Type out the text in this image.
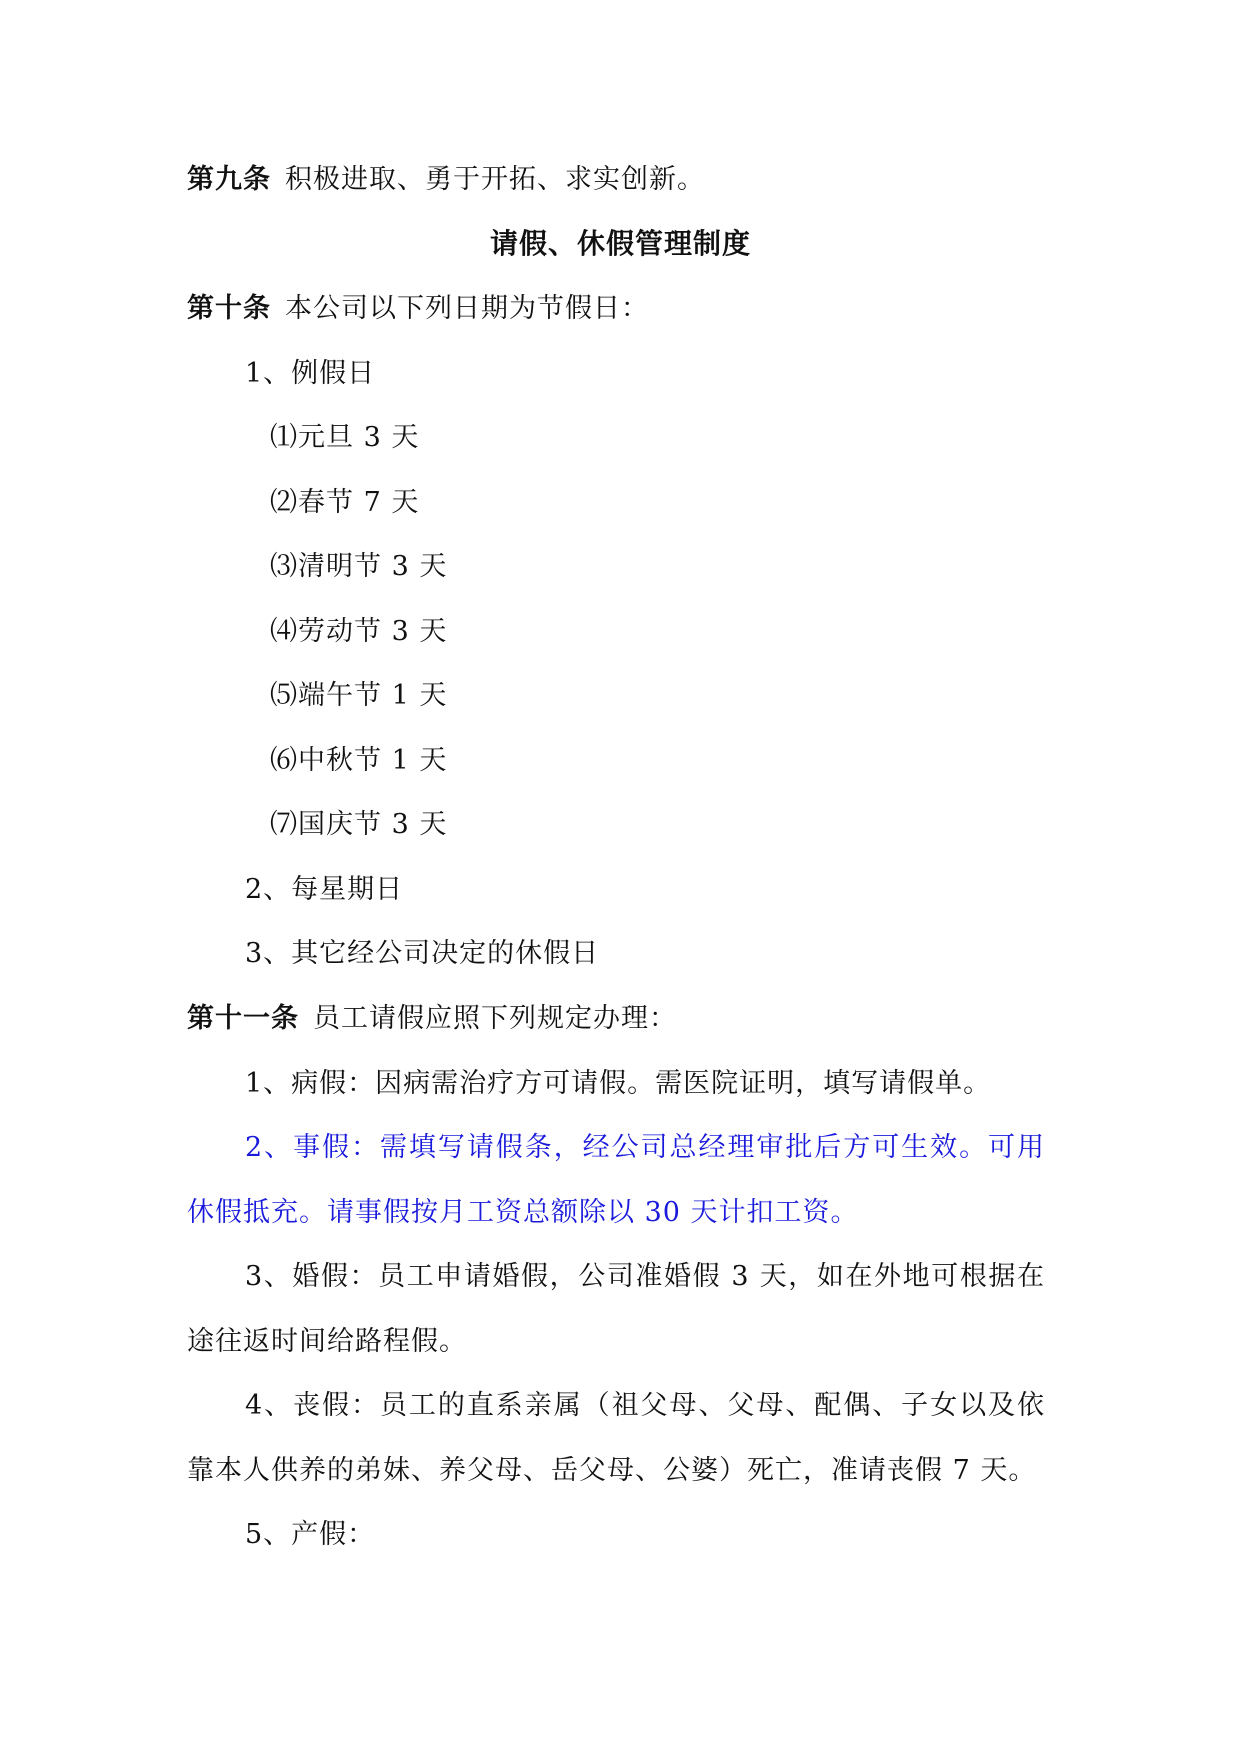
第九条 积极进取、勇于开拓、求实创新。
请假、休假管理制度
第十条 本公司以下列日期为节假日：
1、例假日
⑴元旦 3 天
⑵春节 7 天
⑶清明节 3 天
⑷劳动节 3 天
⑸端午节 1 天
⑹中秋节 1 天
⑺国庆节 3 天
2、每星期日
3、其它经公司决定的休假日
第十一条 员工请假应照下列规定办理：
1、病假：因病需治疗方可请假。需医院证明，填写请假单。
2、事假：需填写请假条，经公司总经理审批后方可生效。可用
休假抵充。请事假按月工资总额除以 30 天计扣工资。
3、婚假：员工申请婚假，公司准婚假 3 天，如在外地可根据在
途往返时间给路程假。
4、丧假：员工的直系亲属（祖父母、父母、配偶、子女以及依
靠本人供养的弟妹、养父母、岳父母、公婆）死亡，准请丧假 7 天。
5、产假：
